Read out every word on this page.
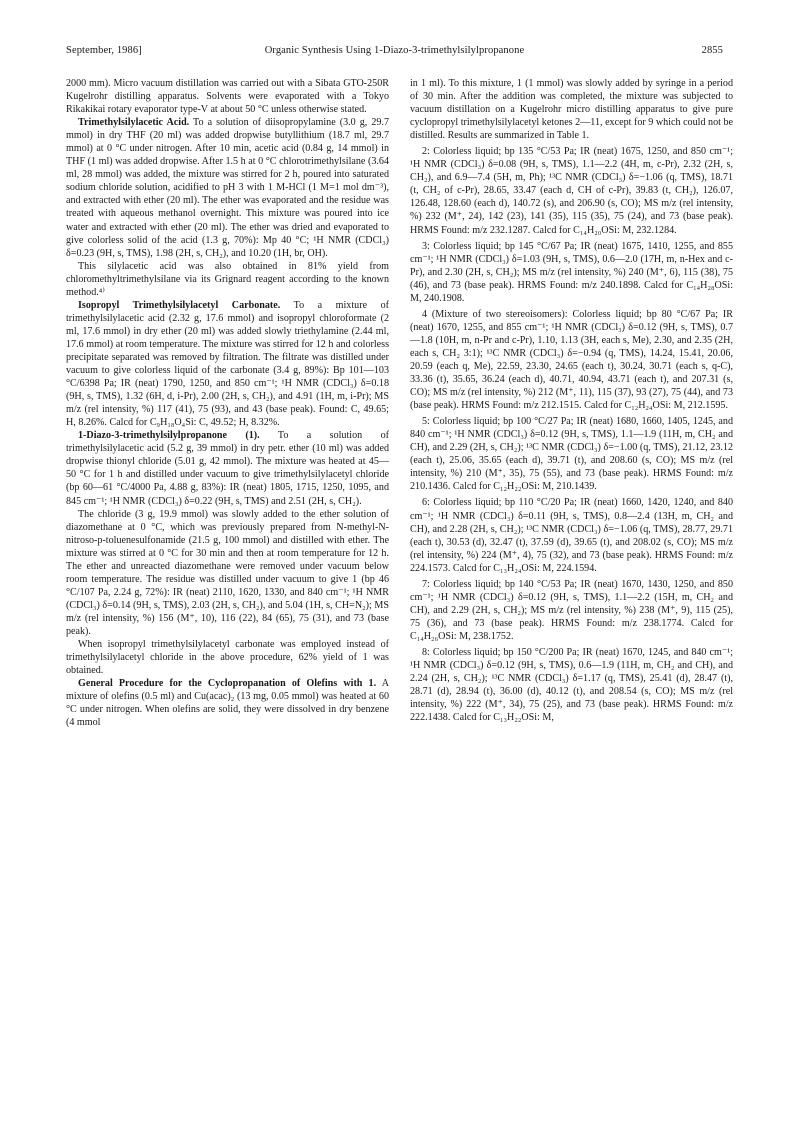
September, 1986]	Organic Synthesis Using 1-Diazo-3-trimethylsilylpropanone	2855

2000 mm). Micro vacuum distillation was carried out with a Sibata GTO-250R Kugelrohr distilling apparatus. Solvents were evaporated with a Tokyo Rikakikai rotary evaporator type-V at about 50 °C unless otherwise stated.

Trimethylsilylacetic Acid. To a solution of diisopropylamine (3.0 g, 29.7 mmol) in dry THF (20 ml) was added dropwise butyllithium (18.7 ml, 29.7 mmol) at 0 °C under nitrogen. After 10 min, acetic acid (0.84 g, 14 mmol) in THF (1 ml) was added dropwise. After 1.5 h at 0 °C chlorotrimethylsilane (3.64 ml, 28 mmol) was added, the mixture was stirred for 2 h, poured into saturated sodium chloride solution, acidified to pH 3 with 1 M-HCl (1 M=1 mol dm⁻³), and extracted with ether (20 ml). The ether was evaporated and the residue was treated with aqueous methanol overnight. This mixture was poured into ice water and extracted with ether (20 ml). The ether was dried and evaporated to give colorless solid of the acid (1.3 g, 70%): Mp 40 °C; ¹H NMR (CDCl₃) δ=0.23 (9H, s, TMS), 1.98 (2H, s, CH₂), and 10.20 (1H, br, OH).

This silylacetic acid was also obtained in 81% yield from chloromethyltrimethylsilane via its Grignard reagent according to the known method.⁴⁾

Isopropyl Trimethylsilylacetyl Carbonate. To a mixture of trimethylsilylacetic acid (2.32 g, 17.6 mmol) and isopropyl chloroformate (2 ml, 17.6 mmol) in dry ether (20 ml) was added slowly triethylamine (2.44 ml, 17.6 mmol) at room temperature. The mixture was stirred for 12 h and colorless precipitate separated was removed by filtration. The filtrate was distilled under vacuum to give colorless liquid of the carbonate (3.4 g, 89%): Bp 101—103 °C/6398 Pa; IR (neat) 1790, 1250, and 850 cm⁻¹; ¹H NMR (CDCl₃) δ=0.18 (9H, s, TMS), 1.32 (6H, d, i-Pr), 2.00 (2H, s, CH₂), and 4.91 (1H, m, i-Pr); MS m/z (rel intensity, %) 117 (41), 75 (93), and 43 (base peak). Found: C, 49.65; H, 8.26%. Calcd for C₉H₁₈O₄Si: C, 49.52; H, 8.32%.

1-Diazo-3-trimethylsilylpropanone (1). To a solution of trimethylsilylacetic acid (5.2 g, 39 mmol) in dry petr. ether (10 ml) was added dropwise thionyl chloride (5.01 g, 42 mmol). The mixture was heated at 45—50 °C for 1 h and distilled under vacuum to give trimethylsilylacetyl chloride (bp 60—61 °C/4000 Pa, 4.88 g, 83%): IR (neat) 1805, 1715, 1250, 1095, and 845 cm⁻¹; ¹H NMR (CDCl₃) δ=0.22 (9H, s, TMS) and 2.51 (2H, s, CH₂).

The chloride (3 g, 19.9 mmol) was slowly added to the ether solution of diazomethane at 0 °C, which was previously prepared from N-methyl-N-nitroso-p-toluenesulfonamide (21.5 g, 100 mmol) and distilled with ether. The mixture was stirred at 0 °C for 30 min and then at room temperature for 12 h. The ether and unreacted diazomethane were removed under vacuum below room temperature. The residue was distilled under vacuum to give 1 (bp 46 °C/107 Pa, 2.24 g, 72%): IR (neat) 2110, 1620, 1330, and 840 cm⁻¹; ¹H NMR (CDCl₃) δ=0.14 (9H, s, TMS), 2.03 (2H, s, CH₂), and 5.04 (1H, s, CH=N₂); MS m/z (rel intensity, %) 156 (M⁺, 10), 116 (22), 84 (65), 75 (31), and 73 (base peak).

When isopropyl trimethylsilylacetyl carbonate was employed instead of trimethylsilylacetyl chloride in the above procedure, 62% yield of 1 was obtained.

General Procedure for the Cyclopropanation of Olefins with 1. A mixture of olefins (0.5 ml) and Cu(acac)₂ (13 mg, 0.05 mmol) was heated at 60 °C under nitrogen. When olefins are solid, they were dissolved in dry benzene (4 mmol

in 1 ml). To this mixture, 1 (1 mmol) was slowly added by syringe in a period of 30 min. After the addition was completed, the mixture was subjected to vacuum distillation on a Kugelrohr micro distilling apparatus to give pure cyclopropyl trimethylsilylacetyl ketones 2—11, except for 9 which could not be distilled. Results are summarized in Table 1.

2: Colorless liquid; bp 135 °C/53 Pa; IR (neat) 1675, 1250, and 850 cm⁻¹; ¹H NMR (CDCl₃) δ=0.08 (9H, s, TMS), 1.1—2.2 (4H, m, c-Pr), 2.32 (2H, s, CH₂), and 6.9—7.4 (5H, m, Ph); ¹³C NMR (CDCl₃) δ=−1.06 (q, TMS), 18.71 (t, CH₂ of c-Pr), 28.65, 33.47 (each d, CH of c-Pr), 39.83 (t, CH₂), 126.07, 126.48, 128.60 (each d), 140.72 (s), and 206.90 (s, CO); MS m/z (rel intensity, %) 232 (M⁺, 24), 142 (23), 141 (35), 115 (35), 75 (24), and 73 (base peak). HRMS Found: m/z 232.1287. Calcd for C₁₄H₂₀OSi: M, 232.1284.

3: Colorless liquid; bp 145 °C/67 Pa; IR (neat) 1675, 1410, 1255, and 855 cm⁻¹; ¹H NMR (CDCl₃) δ=1.03 (9H, s, TMS), 0.6—2.0 (17H, m, n-Hex and c-Pr), and 2.30 (2H, s, CH₂); MS m/z (rel intensity, %) 240 (M⁺, 6), 115 (38), 75 (46), and 73 (base peak). HRMS Found: m/z 240.1898. Calcd for C₁₄H₂₈OSi: M, 240.1908.

4 (Mixture of two stereoisomers): Colorless liquid; bp 80 °C/67 Pa; IR (neat) 1670, 1255, and 855 cm⁻¹; ¹H NMR (CDCl₃) δ=0.12 (9H, s, TMS), 0.7—1.8 (10H, m, n-Pr and c-Pr), 1.10, 1.13 (3H, each s, Me), 2.30, and 2.35 (2H, each s, CH₂ 3:1); ¹³C NMR (CDCl₃) δ=−0.94 (q, TMS), 14.24, 15.41, 20.06, 20.59 (each q, Me), 22.59, 23.30, 24.65 (each t), 30.24, 30.71 (each s, q-C), 33.36 (t), 35.65, 36.24 (each d), 40.71, 40.94, 43.71 (each t), and 207.31 (s, CO); MS m/z (rel intensity, %) 212 (M⁺, 11), 115 (37), 93 (27), 75 (44), and 73 (base peak). HRMS Found: m/z 212.1515. Calcd for C₁₂H₂₄OSi: M, 212.1595.

5: Colorless liquid; bp 100 °C/27 Pa; IR (neat) 1680, 1660, 1405, 1245, and 840 cm⁻¹; ¹H NMR (CDCl₃) δ=0.12 (9H, s, TMS), 1.1—1.9 (11H, m, CH₂ and CH), and 2.29 (2H, s, CH₂); ¹³C NMR (CDCl₃) δ=−1.00 (q, TMS), 21.12, 23.12 (each t), 25.06, 35.65 (each d), 39.71 (t), and 208.60 (s, CO); MS m/z (rel intensity, %) 210 (M⁺, 35), 75 (55), and 73 (base peak). HRMS Found: m/z 210.1436. Calcd for C₁₂H₂₂OSi: M, 210.1439.

6: Colorless liquid; bp 110 °C/20 Pa; IR (neat) 1660, 1420, 1240, and 840 cm⁻¹; ¹H NMR (CDCl₃) δ=0.11 (9H, s, TMS), 0.8—2.4 (13H, m, CH₂ and CH), and 2.28 (2H, s, CH₂); ¹³C NMR (CDCl₃) δ=−1.06 (q, TMS), 28.77, 29.71 (each t), 30.53 (d), 32.47 (t), 37.59 (d), 39.65 (t), and 208.02 (s, CO); MS m/z (rel intensity, %) 224 (M⁺, 4), 75 (32), and 73 (base peak). HRMS Found: m/z 224.1573. Calcd for C₁₃H₂₄OSi: M, 224.1594.

7: Colorless liquid; bp 140 °C/53 Pa; IR (neat) 1670, 1430, 1250, and 850 cm⁻¹; ¹H NMR (CDCl₃) δ=0.12 (9H, s, TMS), 1.1—2.2 (15H, m, CH₂ and CH), and 2.29 (2H, s, CH₂); MS m/z (rel intensity, %) 238 (M⁺, 9), 115 (25), 75 (36), and 73 (base peak). HRMS Found: m/z 238.1774. Calcd for C₁₄H₂₆OSi: M, 238.1752.

8: Colorless liquid; bp 150 °C/200 Pa; IR (neat) 1670, 1245, and 840 cm⁻¹; ¹H NMR (CDCl₃) δ=0.12 (9H, s, TMS), 0.6—1.9 (11H, m, CH₂ and CH), and 2.24 (2H, s, CH₂); ¹³C NMR (CDCl₃) δ=1.17 (q, TMS), 25.41 (d), 28.47 (t), 28.71 (d), 28.94 (t), 36.00 (d), 40.12 (t), and 208.54 (s, CO); MS m/z (rel intensity, %) 222 (M⁺, 34), 75 (25), and 73 (base peak). HRMS Found: m/z 222.1438. Calcd for C₁₃H₂₂OSi: M,
